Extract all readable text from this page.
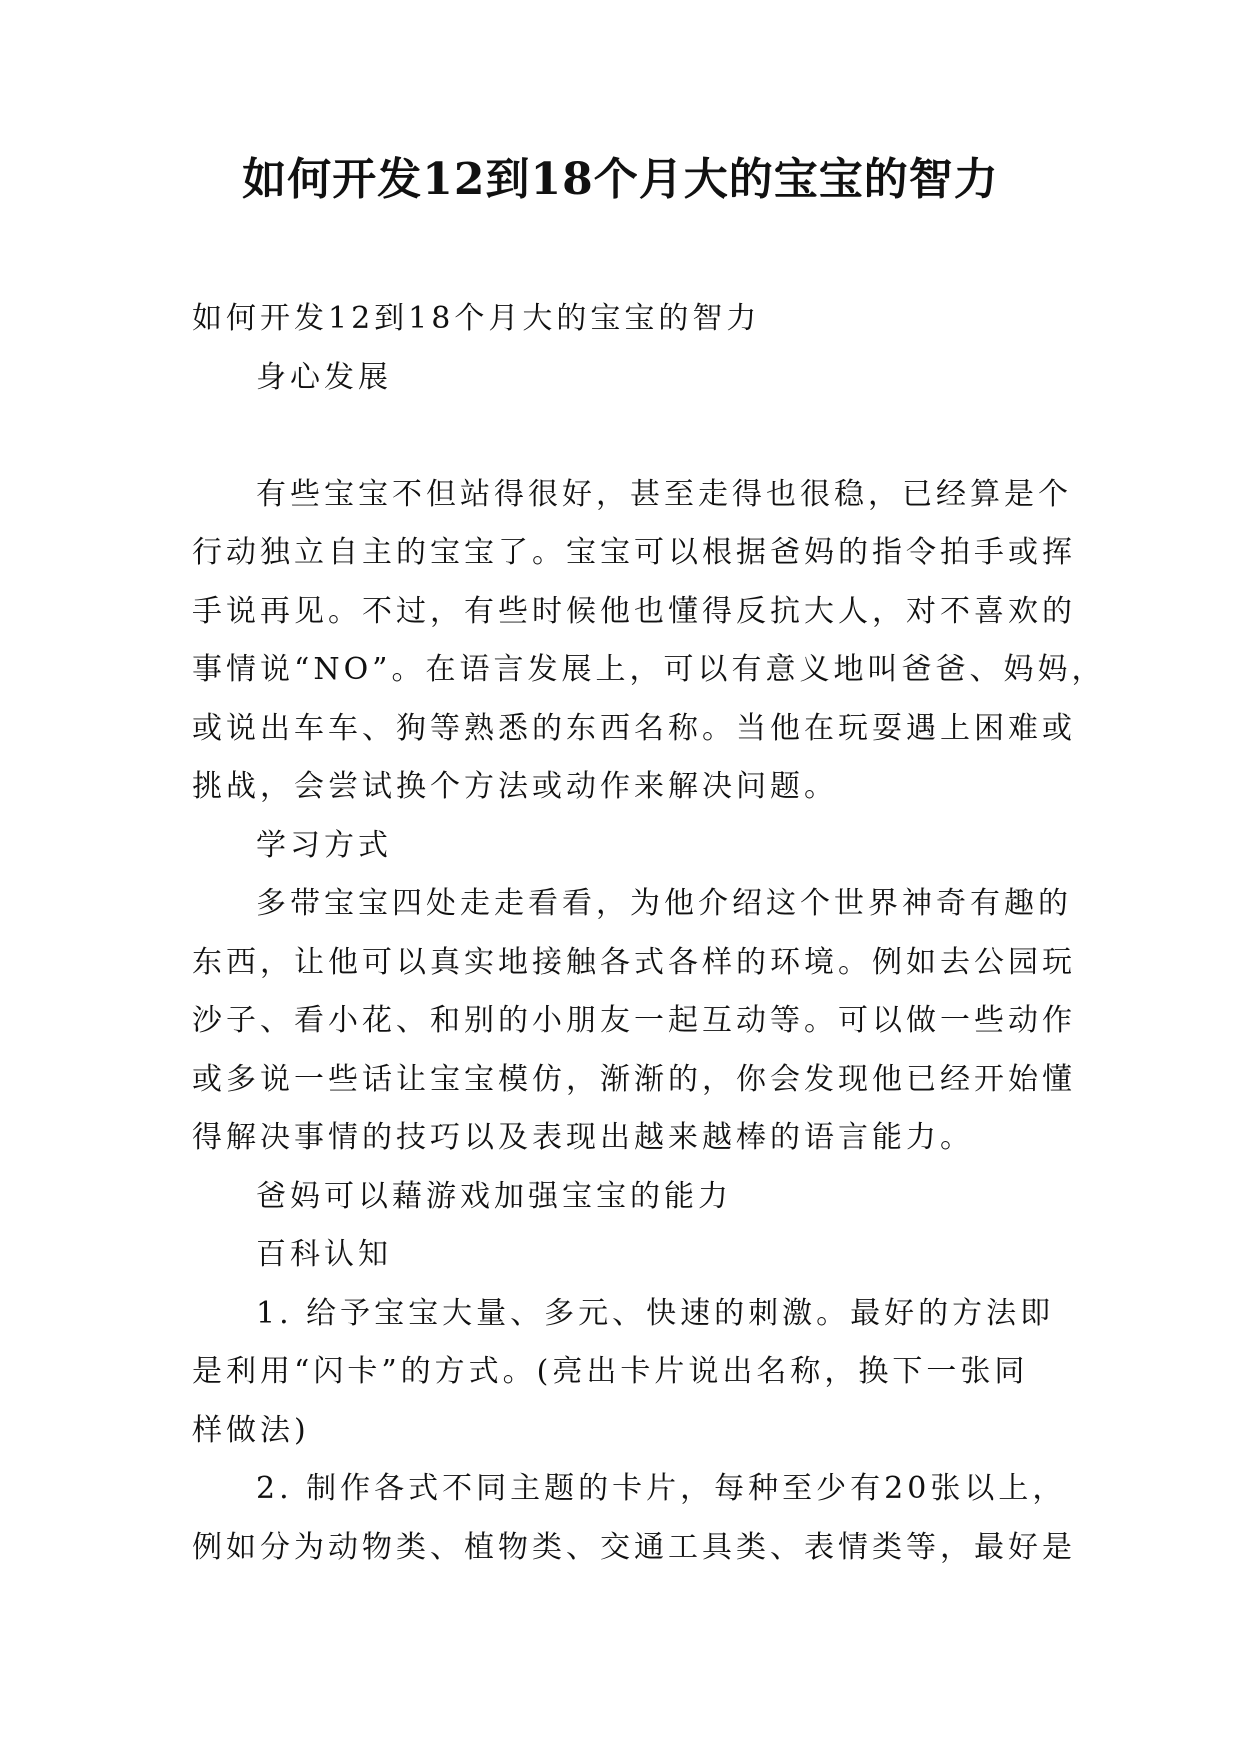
如何开发12到18个月大的宝宝的智力
如何开发12到18个月大的宝宝的智力
身心发展
有些宝宝不但站得很好，甚至走得也很稳，已经算是个
行动独立自主的宝宝了。宝宝可以根据爸妈的指令拍手或挥
手说再见。不过，有些时候他也懂得反抗大人，对不喜欢的
事情说“NO”。在语言发展上，可以有意义地叫爸爸、妈妈，
或说出车车、狗等熟悉的东西名称。当他在玩耍遇上困难或
挑战，会尝试换个方法或动作来解决问题。
学习方式
多带宝宝四处走走看看，为他介绍这个世界神奇有趣的
东西，让他可以真实地接触各式各样的环境。例如去公园玩
沙子、看小花、和别的小朋友一起互动等。可以做一些动作
或多说一些话让宝宝模仿，渐渐的，你会发现他已经开始懂
得解决事情的技巧以及表现出越来越棒的语言能力。
爸妈可以藉游戏加强宝宝的能力
百科认知
1. 给予宝宝大量、多元、快速的刺激。最好的方法即
是利用“闪卡”的方式。(亮出卡片说出名称，换下一张同
样做法)
2. 制作各式不同主题的卡片，每种至少有20张以上，
例如分为动物类、植物类、交通工具类、表情类等，最好是
